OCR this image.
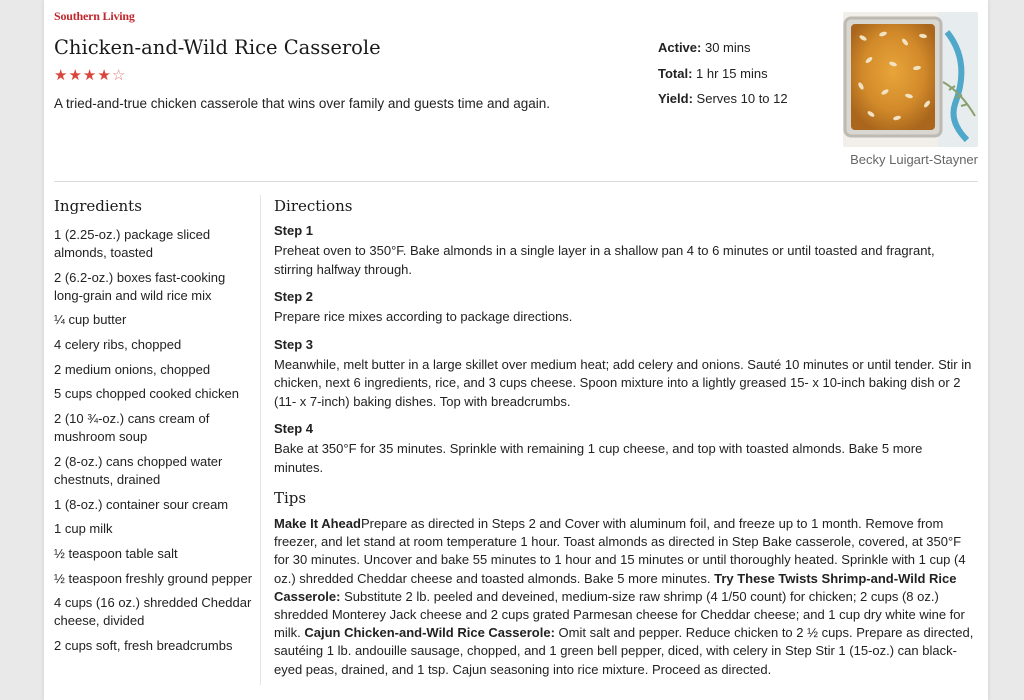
Southern Living
Chicken-and-Wild Rice Casserole
★ ★ ★ ★ ☆

A tried-and-true chicken casserole that wins over family and guests time and again.

Active: 30 mins
Total: 1 hr 15 mins
Yield: Serves 10 to 12
Becky Luigart-Stayner
Ingredients
1 (2.25-oz.) package sliced almonds, toasted
2 (6.2-oz.) boxes fast-cooking long-grain and wild rice mix
¼ cup butter
4 celery ribs, chopped
2 medium onions, chopped
5 cups chopped cooked chicken
2 (10 ¾-oz.) cans cream of mushroom soup
2 (8-oz.) cans chopped water chestnuts, drained
1 (8-oz.) container sour cream
1 cup milk
½ teaspoon table salt
½ teaspoon freshly ground pepper
4 cups (16 oz.) shredded Cheddar cheese, divided
2 cups soft, fresh breadcrumbs
Directions
Step 1

Preheat oven to 350°F. Bake almonds in a single layer in a shallow pan 4 to 6 minutes or until toasted and fragrant, stirring halfway through.

Step 2

Prepare rice mixes according to package directions.

Step 3

Meanwhile, melt butter in a large skillet over medium heat; add celery and onions. Sauté 10 minutes or until tender. Stir in chicken, next 6 ingredients, rice, and 3 cups cheese. Spoon mixture into a lightly greased 15- x 10-inch baking dish or 2 (11- x 7-inch) baking dishes. Top with breadcrumbs.

Step 4

Bake at 350°F for 35 minutes. Sprinkle with remaining 1 cup cheese, and top with toasted almonds. Bake 5 more minutes.

Tips

Make It AheadPrepare as directed in Steps 2 and Cover with aluminum foil, and freeze up to 1 month. Remove from freezer, and let stand at room temperature 1 hour. Toast almonds as directed in Step Bake casserole, covered, at 350°F for 30 minutes. Uncover and bake 55 minutes to 1 hour and 15 minutes or until thoroughly heated. Sprinkle with 1 cup (4 oz.) shredded Cheddar cheese and toasted almonds. Bake 5 more minutes. Try These Twists Shrimp-and-Wild Rice Casserole: Substitute 2 lb. peeled and deveined, medium-size raw shrimp (4 1/50 count) for chicken; 2 cups (8 oz.) shredded Monterey Jack cheese and 2 cups grated Parmesan cheese for Cheddar cheese; and 1 cup dry white wine for milk. Cajun Chicken-and-Wild Rice Casserole: Omit salt and pepper. Reduce chicken to 2 ½ cups. Prepare as directed, sautéing 1 lb. andouille sausage, chopped, and 1 green bell pepper, diced, with celery in Step Stir 1 (15-oz.) can black-eyed peas, drained, and 1 tsp. Cajun seasoning into rice mixture. Proceed as directed.
